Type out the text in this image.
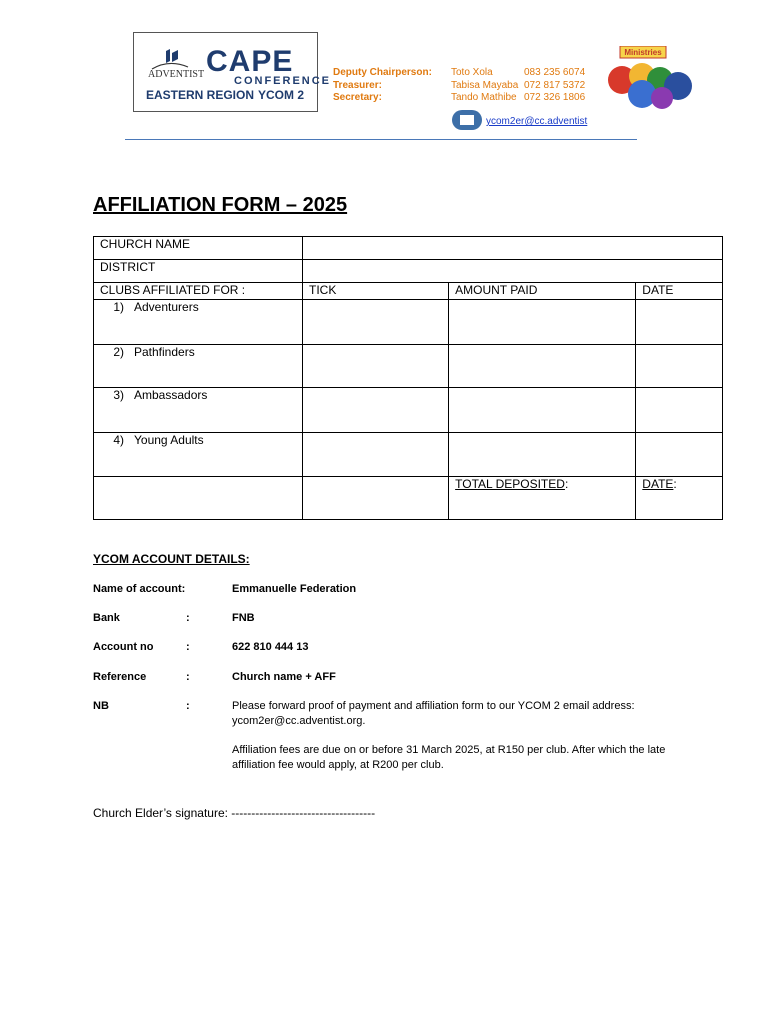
ADVENTIST CAPE
CONFERENCE
EASTERN REGION YCOM 2
Deputy Chairperson: Toto Xola	083 235 6074
Treasurer:	Tabisa Mayaba 072 817 5372
Secretary:	Tando Mathibe 072 326 1806
ycom2er@cc.adventist
Ministries
AFFILIATION FORM – 2025
CHURCH NAME			
DISTRICT			
CLUBS AFFILIATED FOR :	TICK	AMOUNT PAID	DATE
1) Adventurers			
2) Pathfinders			
3) Ambassadors			
4) Young Adults			
		TOTAL DEPOSITED:	DATE:
YCOM ACCOUNT DETAILS:
Name of account:	Emmanuelle Federation
Bank	:	FNB
Account no	:	622 810 444 13
Reference	:	Church name + AFF
NB	:	Please forward proof of payment and affiliation form to our YCOM 2 email address: ycom2er@cc.adventist.org.
Affiliation fees are due on or before 31 March 2025, at R150 per club. After which the late affiliation fee would apply, at R200 per club.
Church Elder’s signature: ------------------------------------
